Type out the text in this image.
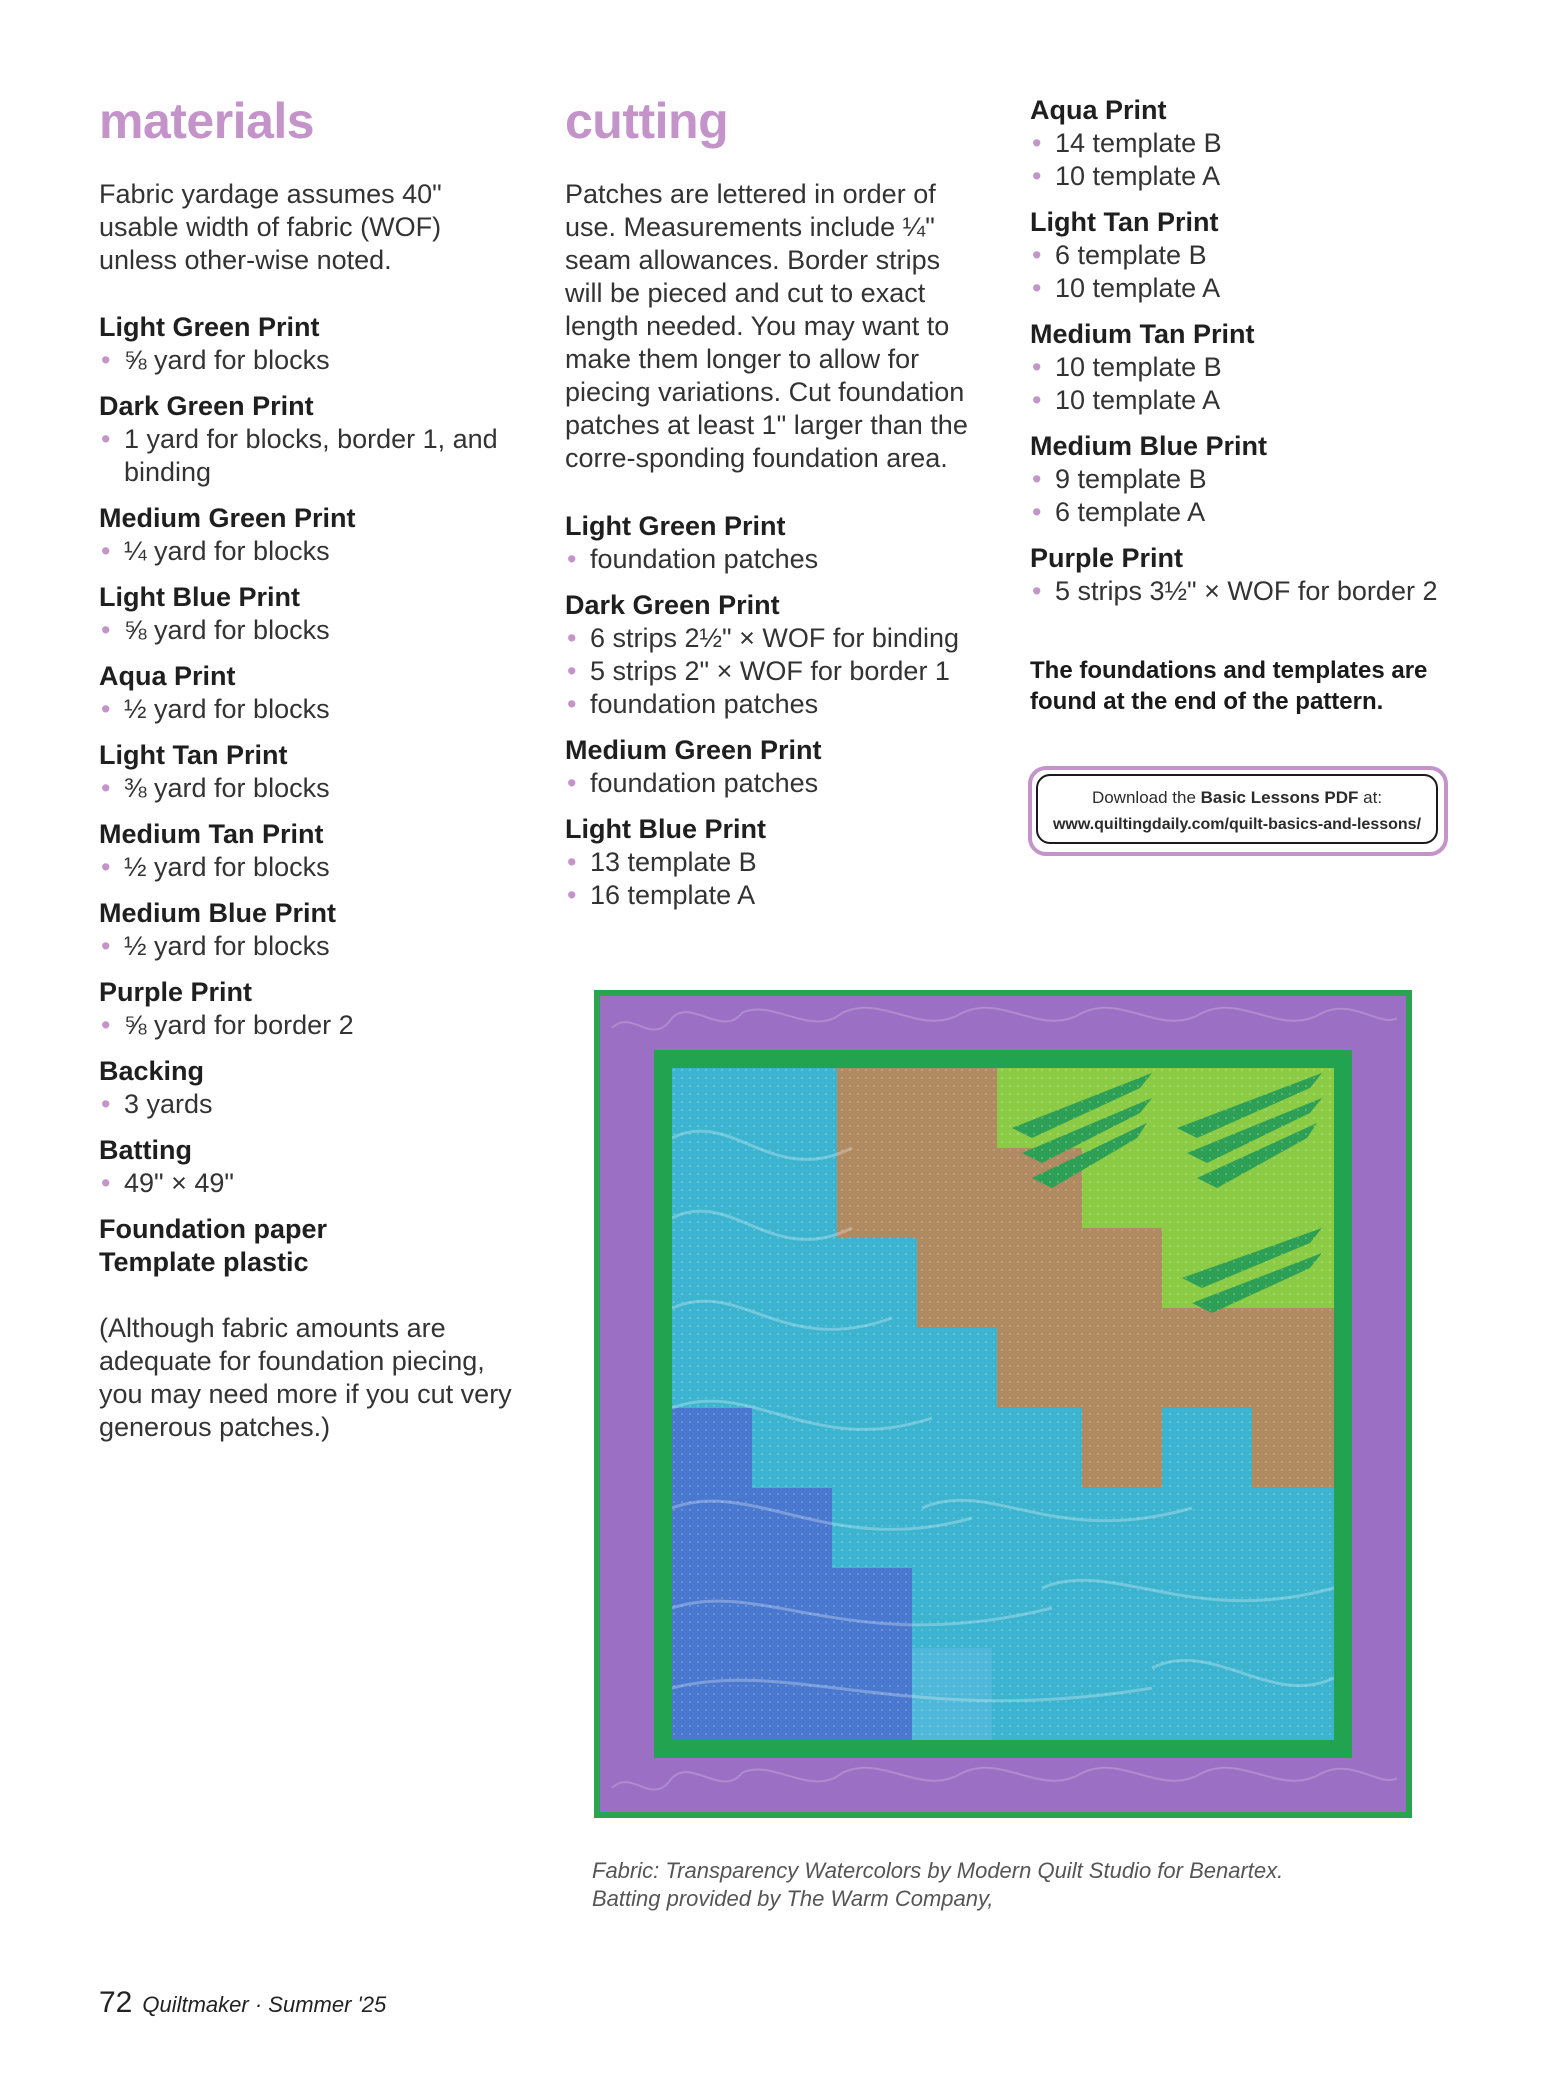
materials

Fabric yardage assumes 40" usable width of fabric (WOF) unless other-wise noted.

Light Green Print
• ⅝ yard for blocks
Dark Green Print
• 1 yard for blocks, border 1, and binding
Medium Green Print
• ¼ yard for blocks
Light Blue Print
• ⅝ yard for blocks
Aqua Print
• ½ yard for blocks
Light Tan Print
• ⅜ yard for blocks
Medium Tan Print
• ½ yard for blocks
Medium Blue Print
• ½ yard for blocks
Purple Print
• ⅝ yard for border 2
Backing
• 3 yards
Batting
• 49" × 49"
Foundation paper
Template plastic
(Although fabric amounts are adequate for foundation piecing, you may need more if you cut very generous patches.)
cutting

Patches are lettered in order of use. Measurements include ¼" seam allowances. Border strips will be pieced and cut to exact length needed. You may want to make them longer to allow for piecing variations. Cut foundation patches at least 1" larger than the corre-sponding foundation area.

Light Green Print
• foundation patches
Dark Green Print
• 6 strips 2½" × WOF for binding
• 5 strips 2" × WOF for border 1
• foundation patches
Medium Green Print
• foundation patches
Light Blue Print
• 13 template B
• 16 template A
Aqua Print
• 14 template B
• 10 template A
Light Tan Print
• 6 template B
• 10 template A
Medium Tan Print
• 10 template B
• 10 template A
Medium Blue Print
• 9 template B
• 6 template A
Purple Print
• 5 strips 3½" × WOF for border 2
The foundations and templates are found at the end of the pattern.
Download the Basic Lessons PDF at:
www.quiltingdaily.com/quilt-basics-and-lessons/
Fabric: Transparency Watercolors by Modern Quilt Studio for Benartex.
Batting provided by The Warm Company,
72 Quiltmaker · Summer '25
